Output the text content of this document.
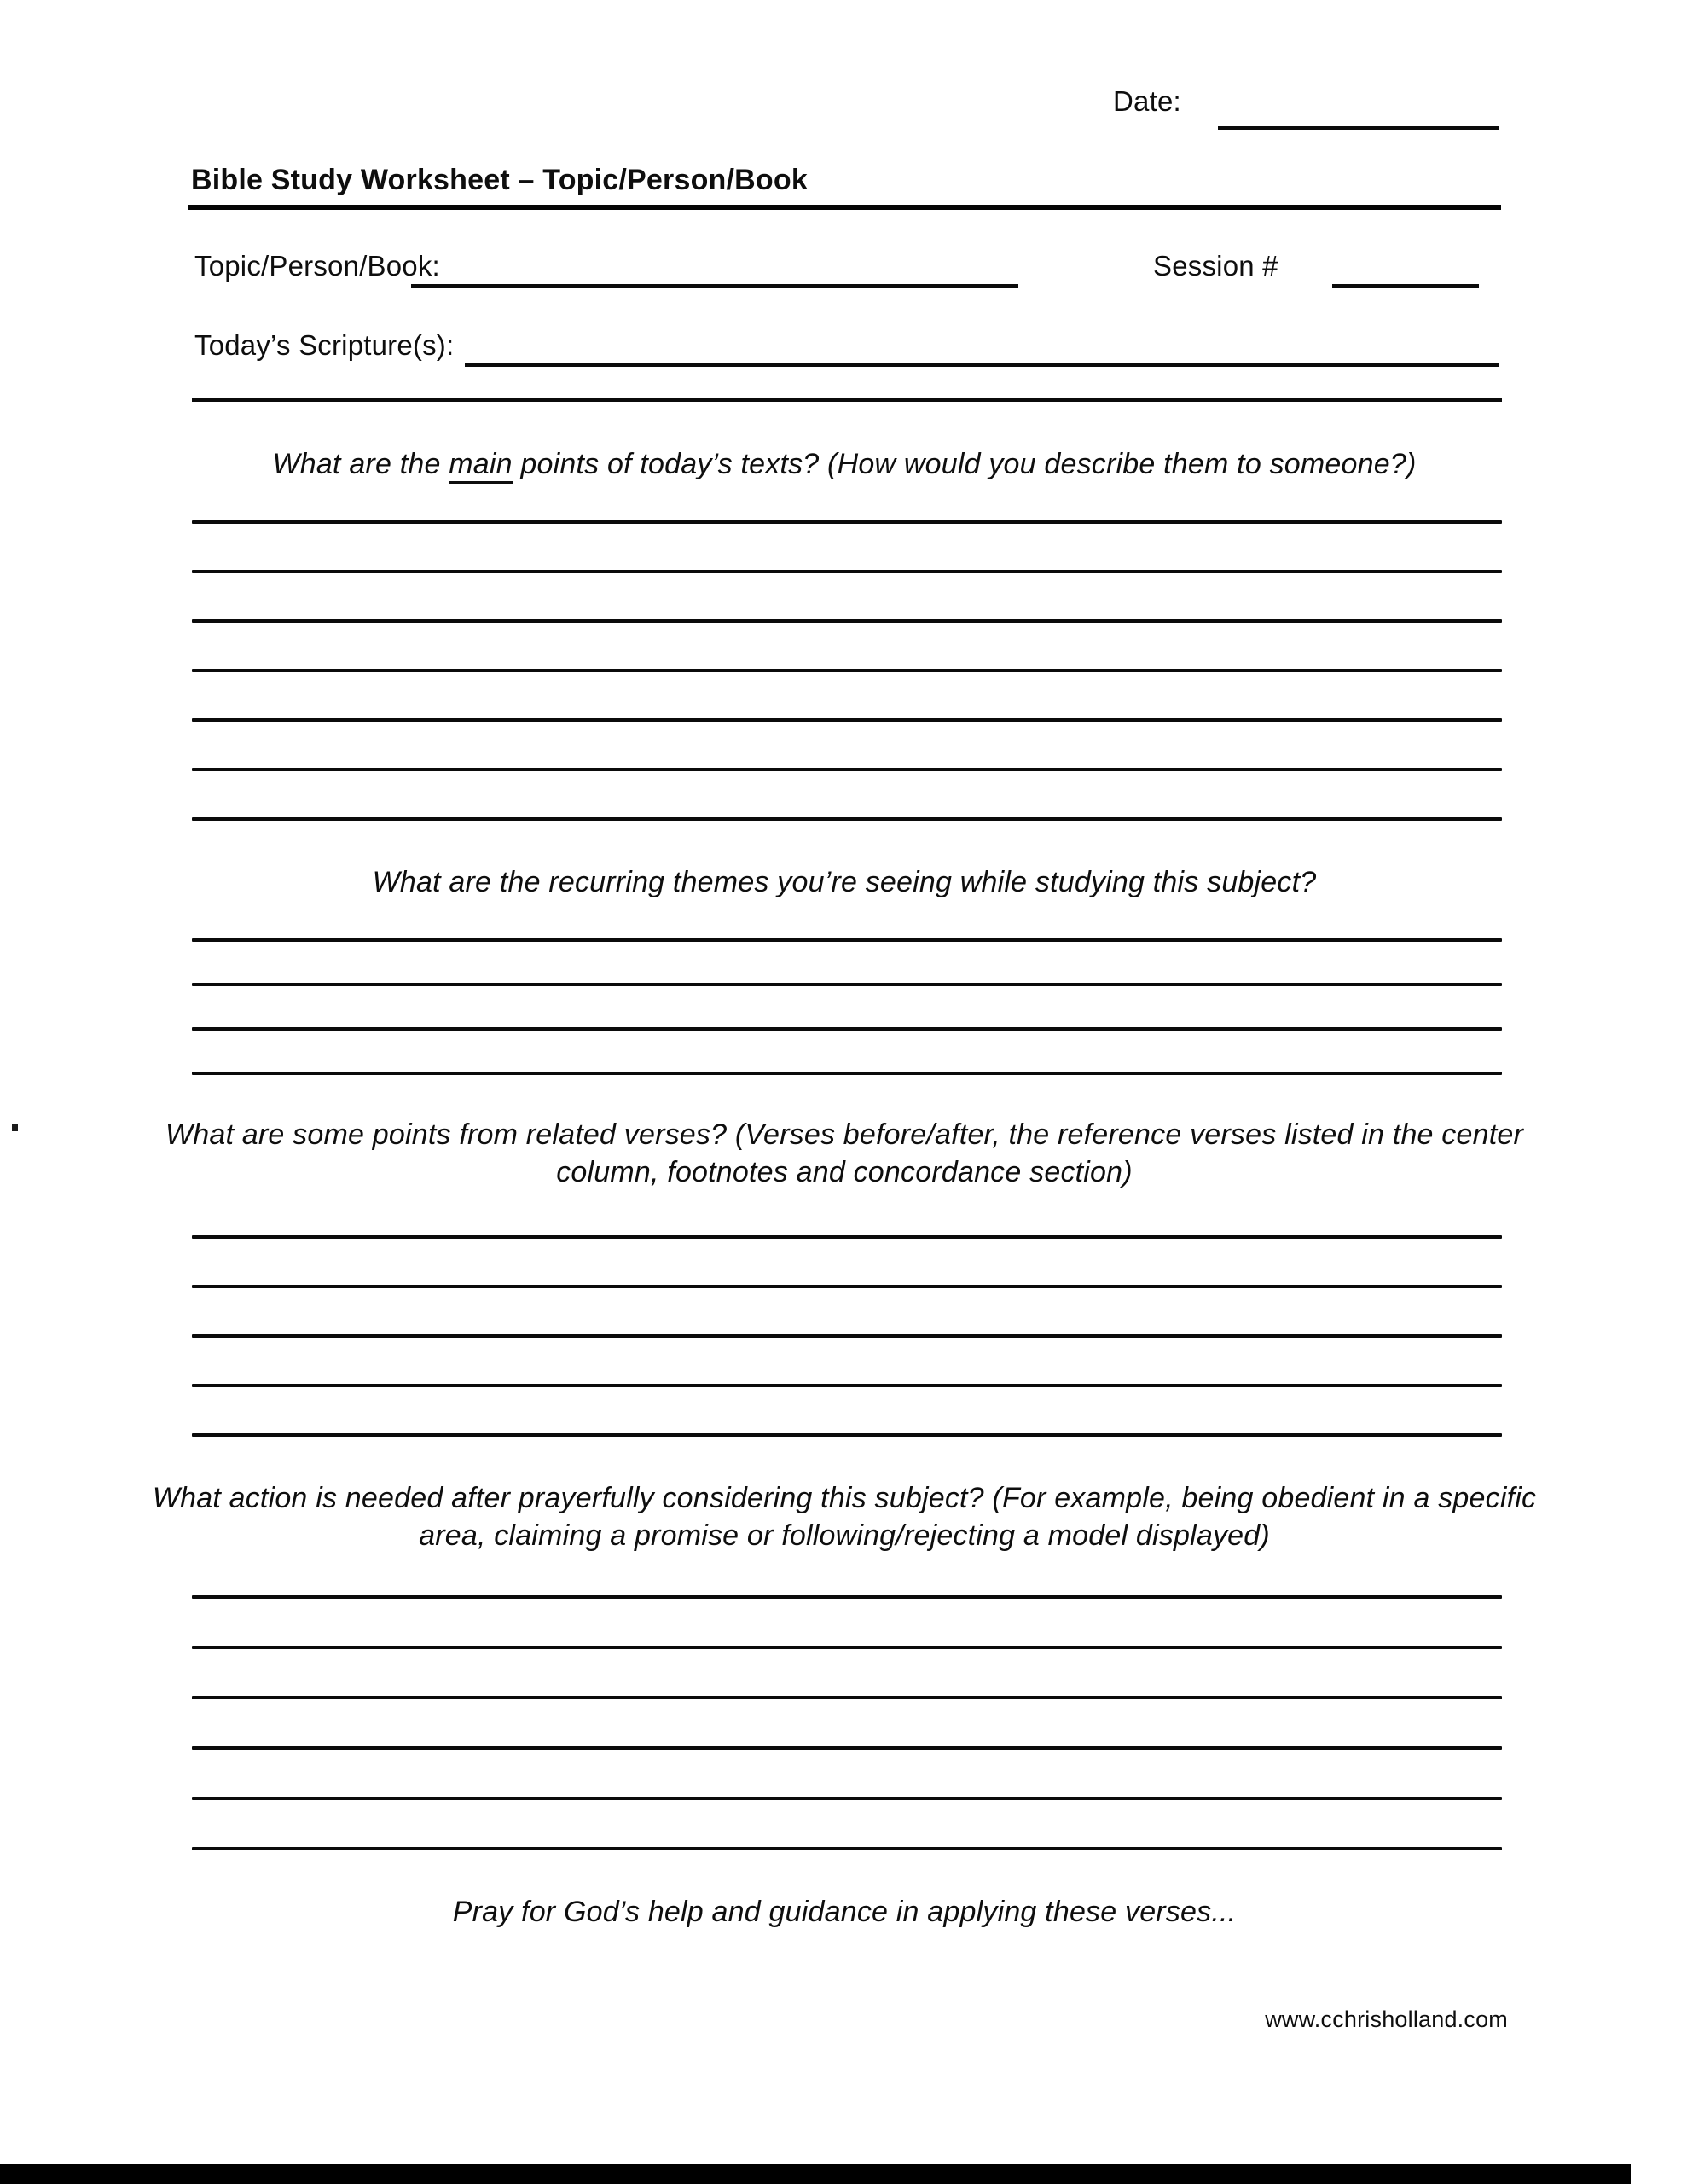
Date:
Bible Study Worksheet – Topic/Person/Book
Topic/Person/Book:	Session #
Today’s Scripture(s):
What are the main points of today’s texts? (How would you describe them to someone?)
What are the recurring themes you’re seeing while studying this subject?
What are some points from related verses? (Verses before/after, the reference verses listed in the center column, footnotes and concordance section)
What action is needed after prayerfully considering this subject? (For example, being obedient in a specific area, claiming a promise or following/rejecting a model displayed)
Pray for God’s help and guidance in applying these verses...
www.cchrisholland.com
